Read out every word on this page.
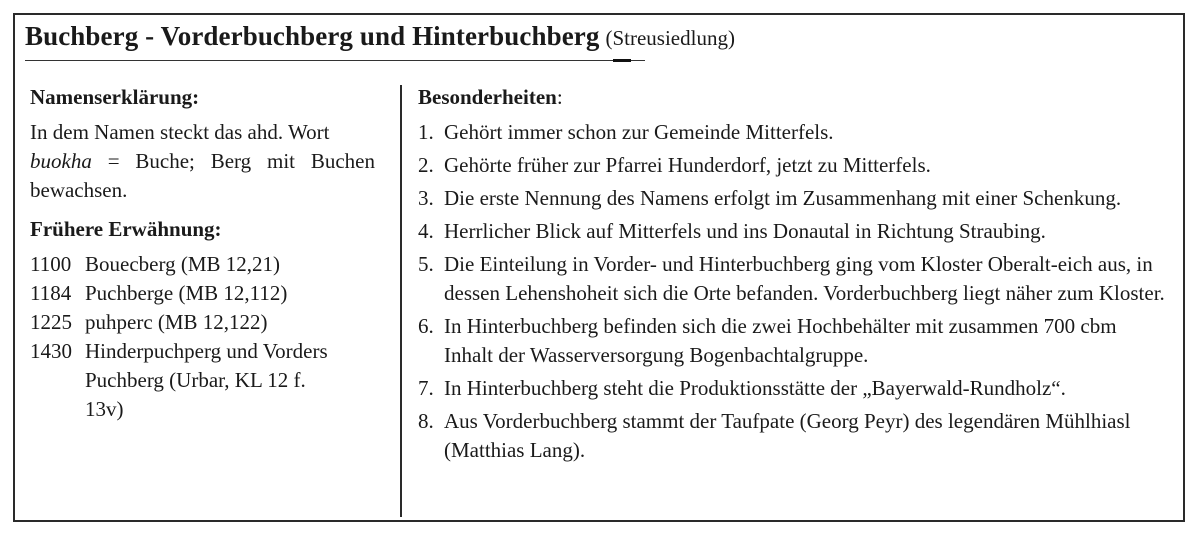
Buchberg - Vorderbuchberg und Hinterbuchberg (Streusiedlung)
Namenserklärung:

In dem Namen steckt das ahd. Wort
buokha = Buche; Berg mit Buchen bewachsen.

Frühere Erwähnung:
1100 Bouecberg (MB 12,21)
1184 Puchberge (MB 12,112)
1225 puhperc (MB 12,122)
1430 Hinderpuchperg und Vorders Puchberg (Urbar, KL 12 f. 13v)
Besonderheiten:
1. Gehört immer schon zur Gemeinde Mitterfels.
2. Gehörte früher zur Pfarrei Hunderdorf, jetzt zu Mitterfels.
3. Die erste Nennung des Namens erfolgt im Zusammenhang mit einer Schenkung.
4. Herrlicher Blick auf Mitterfels und ins Donautal in Richtung Straubing.
5. Die Einteilung in Vorder- und Hinterbuchberg ging vom Kloster Oberalt-eich aus, in dessen Lehenshoheit sich die Orte befanden. Vorderbuchberg liegt näher zum Kloster.
6. In Hinterbuchberg befinden sich die zwei Hochbehälter mit zusammen 700 cbm Inhalt der Wasserversorgung Bogenbachtalgruppe.
7. In Hinterbuchberg steht die Produktionsstätte der „Bayerwald-Rundholz“.
8. Aus Vorderbuchberg stammt der Taufpate (Georg Peyr) des legendären Mühlhiasl (Matthias Lang).
